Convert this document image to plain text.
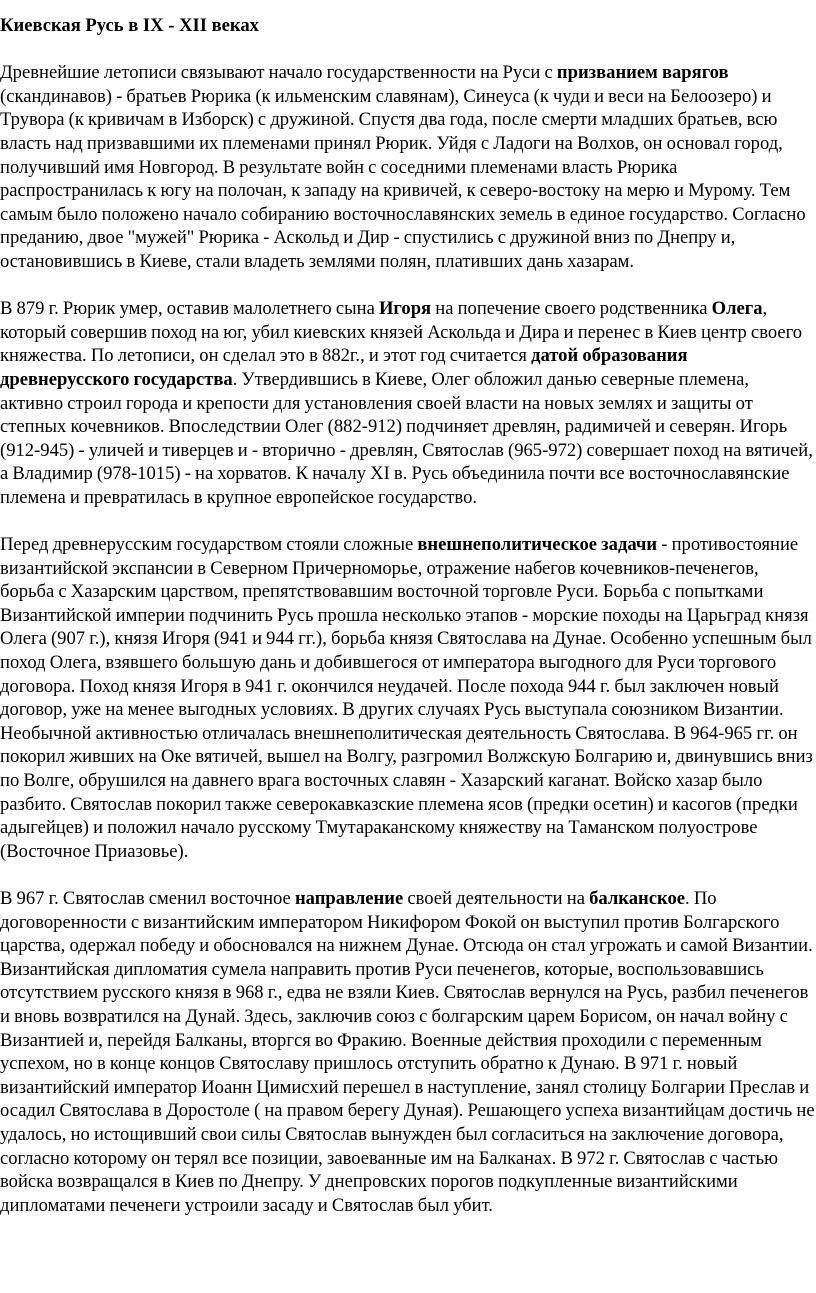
Киевская Русь в IX - XII веках

Древнейшие летописи связывают начало государственности на Руси с призванием варягов (скандинавов) - братьев Рюрика (к ильменским славянам), Синеуса (к чуди и веси на Белоозеро) и Трувора (к кривичам в Изборск) с дружиной. Спустя два года, после смерти младших братьев, всю власть над призвавшими их племенами принял Рюрик. Уйдя с Ладоги на Волхов, он основал город, получивший имя Новгород. В результате войн с соседними племенами власть Рюрика распространилась к югу на полочан, к западу на кривичей, к северо-востоку на мерю и Мурому. Тем самым было положено начало собиранию восточнославянских земель в единое государство. Согласно преданию, двое "мужей" Рюрика - Аскольд и Дир - спустились с дружиной вниз по Днепру и, остановившись в Киеве, стали владеть землями полян, плативших дань хазарам.

В 879 г. Рюрик умер, оставив малолетнего сына Игоря на попечение своего родственника Олега, который совершив поход на юг, убил киевских князей Аскольда и Дира и перенес в Киев центр своего княжества. По летописи, он сделал это в 882г., и этот год считается датой образования древнерусского государства. Утвердившись в Киеве, Олег обложил данью северные племена, активно строил города и крепости для установления своей власти на новых землях и защиты от степных кочевников. Впоследствии Олег (882-912) подчиняет древлян, радимичей и северян. Игорь (912-945) - уличей и тиверцев и - вторично - древлян, Святослав (965-972) совершает поход на вятичей, а Владимир (978-1015) - на хорватов. К началу XI в. Русь объединила почти все восточнославянские племена и превратилась в крупное европейское государство.

Перед древнерусским государством стояли сложные внешнеполитическое задачи - противостояние византийской экспансии в Северном Причерноморье, отражение набегов кочевников-печенегов, борьба с Хазарским царством, препятствовавшим восточной торговле Руси. Борьба с попытками Византийской империи подчинить Русь прошла несколько этапов - морские походы на Царьград князя Олега (907 г.), князя Игоря (941 и 944 гг.), борьба князя Святослава на Дунае. Особенно успешным был поход Олега, взявшего большую дань и добившегося от императора выгодного для Руси торгового договора. Поход князя Игоря в 941 г. окончился неудачей. После похода 944 г. был заключен новый договор, уже на менее выгодных условиях. В других случаях Русь выступала союзником Византии. Необычной активностью отличалась внешнеполитическая деятельность Святослава. В 964-965 гг. он покорил живших на Оке вятичей, вышел на Волгу, разгромил Волжскую Болгарию и, двинувшись вниз по Волге, обрушился на давнего врага восточных славян - Хазарский каганат. Войско хазар было разбито. Святослав покорил также северокавказские племена ясов (предки осетин) и касогов (предки адыгейцев) и положил начало русскому Тмутараканскому княжеству на Таманском полуострове (Восточное Приазовье).

В 967 г. Святослав сменил восточное направление своей деятельности на балканское. По договоренности с византийским императором Никифором Фокой он выступил против Болгарского царства, одержал победу и обосновался на нижнем Дунае. Отсюда он стал угрожать и самой Византии. Византийская дипломатия сумела направить против Руси печенегов, которые, воспользовавшись отсутствием русского князя в 968 г., едва не взяли Киев. Святослав вернулся на Русь, разбил печенегов и вновь возвратился на Дунай. Здесь, заключив союз с болгарским царем Борисом, он начал войну с Византией и, перейдя Балканы, вторгся во Фракию. Военные действия проходили с переменным успехом, но в конце концов Святославу пришлось отступить обратно к Дунаю. В 971 г. новый византийский император Иоанн Цимисхий перешел в наступление, занял столицу Болгарии Преслав и осадил Святослава в Доростоле ( на правом берегу Дуная). Решающего успеха византийцам достичь не удалось, но истощивший свои силы Святослав вынужден был согласиться на заключение договора, согласно которому он терял все позиции, завоеванные им на Балканах. В 972 г. Святослав с частью войска возвращался в Киев по Днепру. У днепровских порогов подкупленные византийскими дипломатами печенеги устроили засаду и Святослав был убит.
